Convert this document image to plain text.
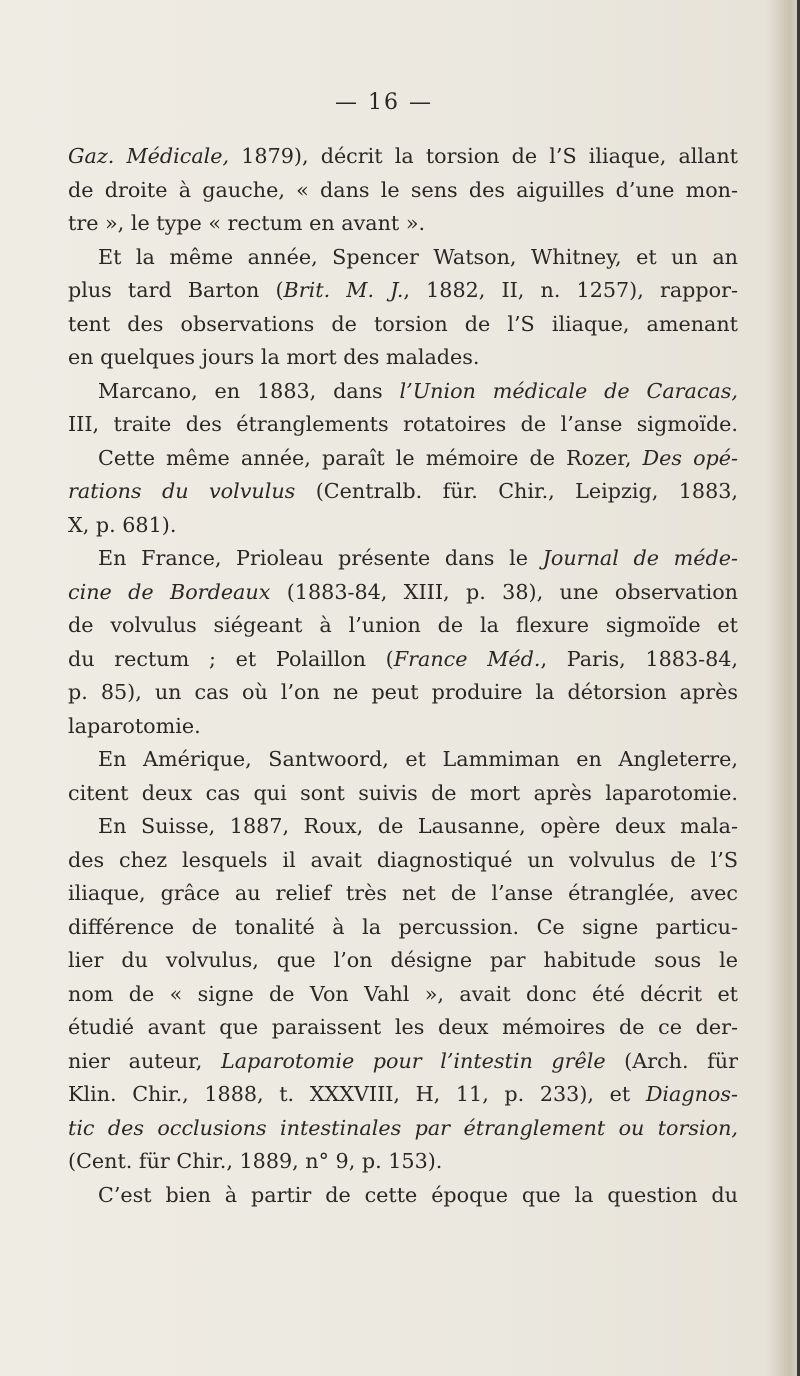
— 16 —
Gaz. Médicale, 1879), décrit la torsion de l’S iliaque, allant
de droite à gauche, « dans le sens des aiguilles d’une mon-
tre », le type « rectum en avant ».
Et la même année, Spencer Watson, Whitney, et un an
plus tard Barton (Brit. M. J., 1882, II, n. 1257), rappor-
tent des observations de torsion de l’S iliaque, amenant
en quelques jours la mort des malades.
Marcano, en 1883, dans l’Union médicale de Caracas,
III, traite des étranglements rotatoires de l’anse sigmoïde.
Cette même année, paraît le mémoire de Rozer, Des opé-
rations du volvulus (Centralb. für. Chir., Leipzig, 1883,
X, p. 681).
En France, Prioleau présente dans le Journal de méde-
cine de Bordeaux (1883-84, XIII, p. 38), une observation
de volvulus siégeant à l’union de la flexure sigmoïde et
du rectum ; et Polaillon (France Méd., Paris, 1883-84,
p. 85), un cas où l’on ne peut produire la détorsion après
laparotomie.
En Amérique, Santwoord, et Lammiman en Angleterre,
citent deux cas qui sont suivis de mort après laparotomie.
En Suisse, 1887, Roux, de Lausanne, opère deux mala-
des chez lesquels il avait diagnostiqué un volvulus de l’S
iliaque, grâce au relief très net de l’anse étranglée, avec
différence de tonalité à la percussion. Ce signe particu-
lier du volvulus, que l’on désigne par habitude sous le
nom de « signe de Von Vahl », avait donc été décrit et
étudié avant que paraissent les deux mémoires de ce der-
nier auteur, Laparotomie pour l’intestin grêle (Arch. für
Klin. Chir., 1888, t. XXXVIII, H, 11, p. 233), et Diagnos-
tic des occlusions intestinales par étranglement ou torsion,
(Cent. für Chir., 1889, n° 9, p. 153).
C’est bien à partir de cette époque que la question du
